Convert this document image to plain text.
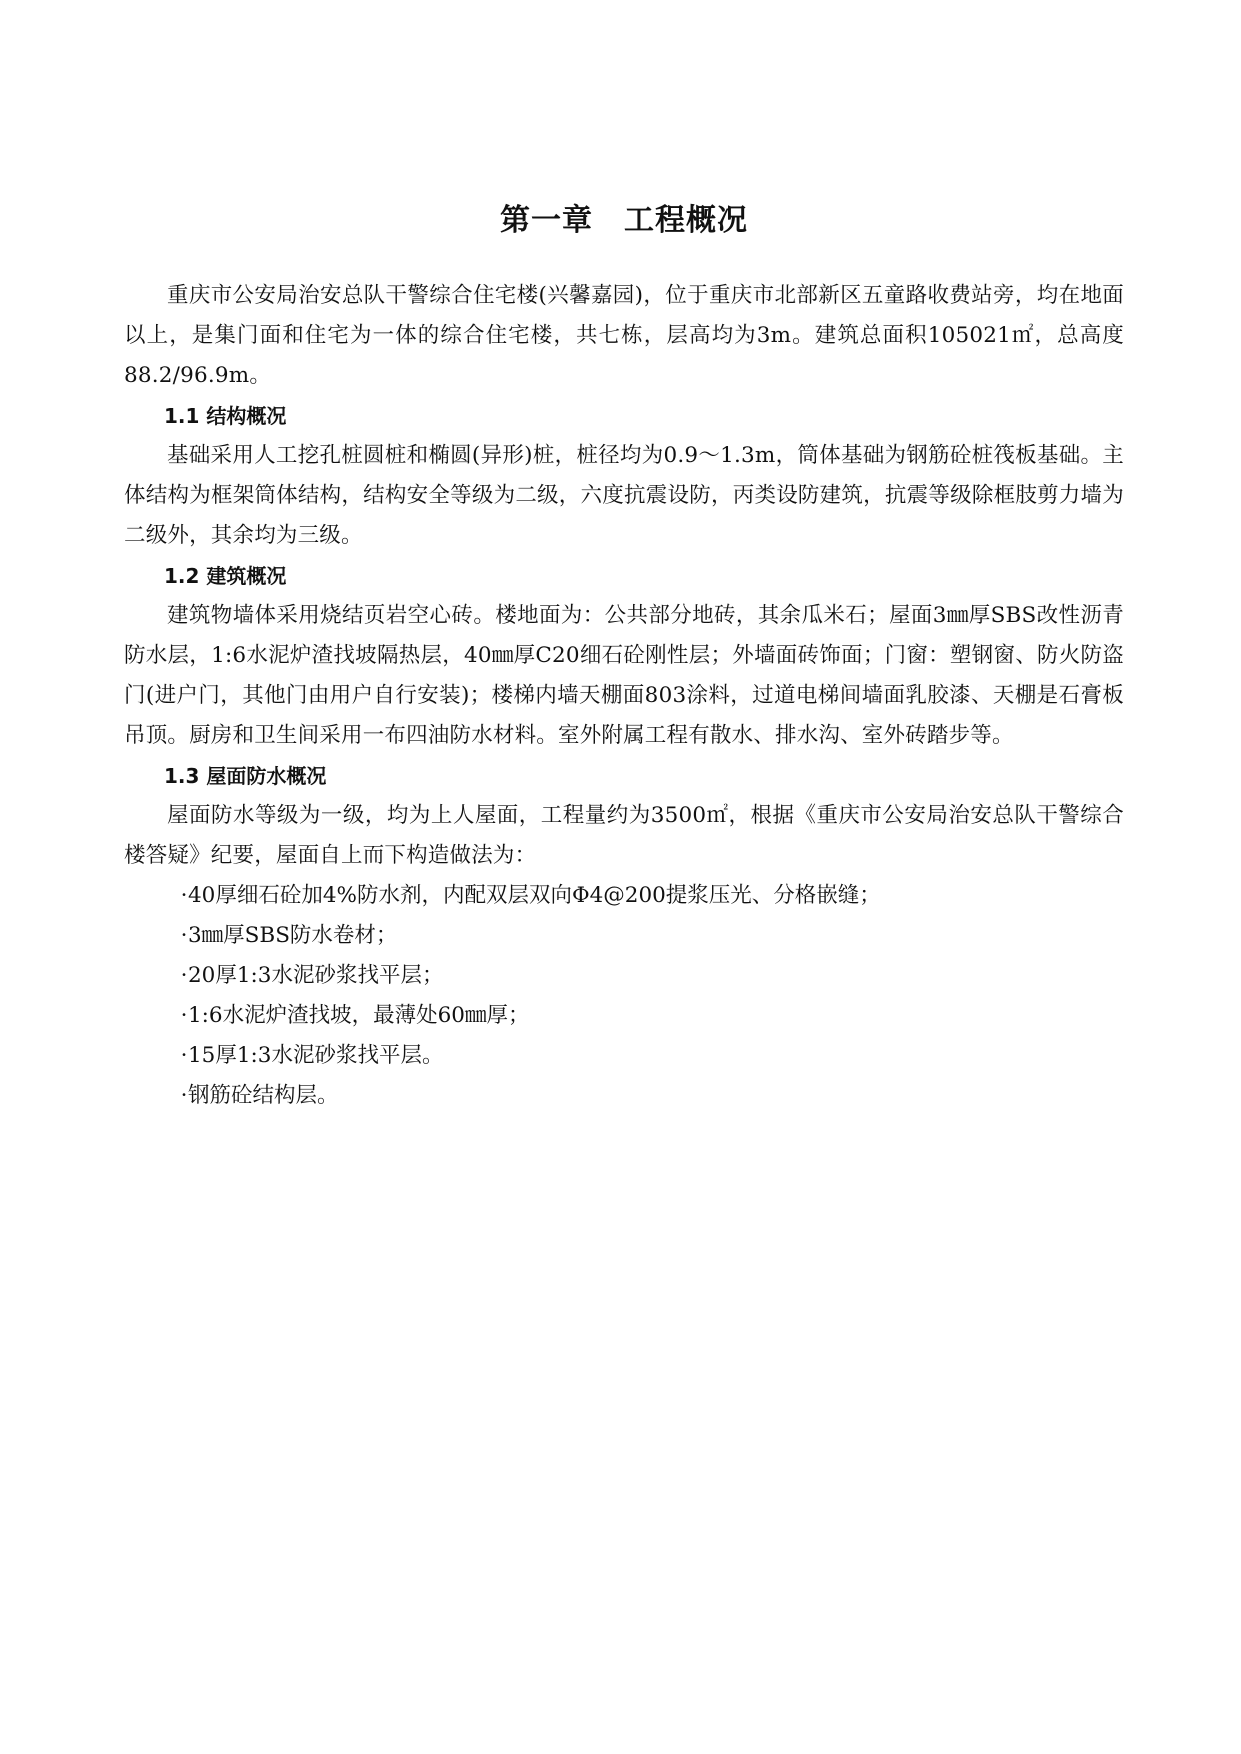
第一章　工程概况

重庆市公安局治安总队干警综合住宅楼(兴馨嘉园)，位于重庆市北部新区五童路收费站旁，均在地面以上，是集门面和住宅为一体的综合住宅楼，共七栋，层高均为3m。建筑总面积105021㎡，总高度88.2/96.9m。

1.1 结构概况

基础采用人工挖孔桩圆桩和椭圆(异形)桩，桩径均为0.9～1.3m，筒体基础为钢筋砼桩筏板基础。主体结构为框架筒体结构，结构安全等级为二级，六度抗震设防，丙类设防建筑，抗震等级除框肢剪力墙为二级外，其余均为三级。

1.2 建筑概况

建筑物墙体采用烧结页岩空心砖。楼地面为：公共部分地砖，其余瓜米石；屋面3㎜厚SBS改性沥青防水层，1:6水泥炉渣找坡隔热层，40㎜厚C20细石砼刚性层；外墙面砖饰面；门窗：塑钢窗、防火防盗门(进户门，其他门由用户自行安装)；楼梯内墙天棚面803涂料，过道电梯间墙面乳胶漆、天棚是石膏板吊顶。厨房和卫生间采用一布四油防水材料。室外附属工程有散水、排水沟、室外砖踏步等。

1.3 屋面防水概况

屋面防水等级为一级，均为上人屋面，工程量约为3500㎡，根据《重庆市公安局治安总队干警综合楼答疑》纪要，屋面自上而下构造做法为：

· 40厚细石砼加4%防水剂，内配双层双向Φ4@200提浆压光、分格嵌缝；
· 3㎜厚SBS防水卷材；
· 20厚1:3水泥砂浆找平层；
· 1:6水泥炉渣找坡，最薄处60㎜厚；
· 15厚1:3水泥砂浆找平层。
· 钢筋砼结构层。
